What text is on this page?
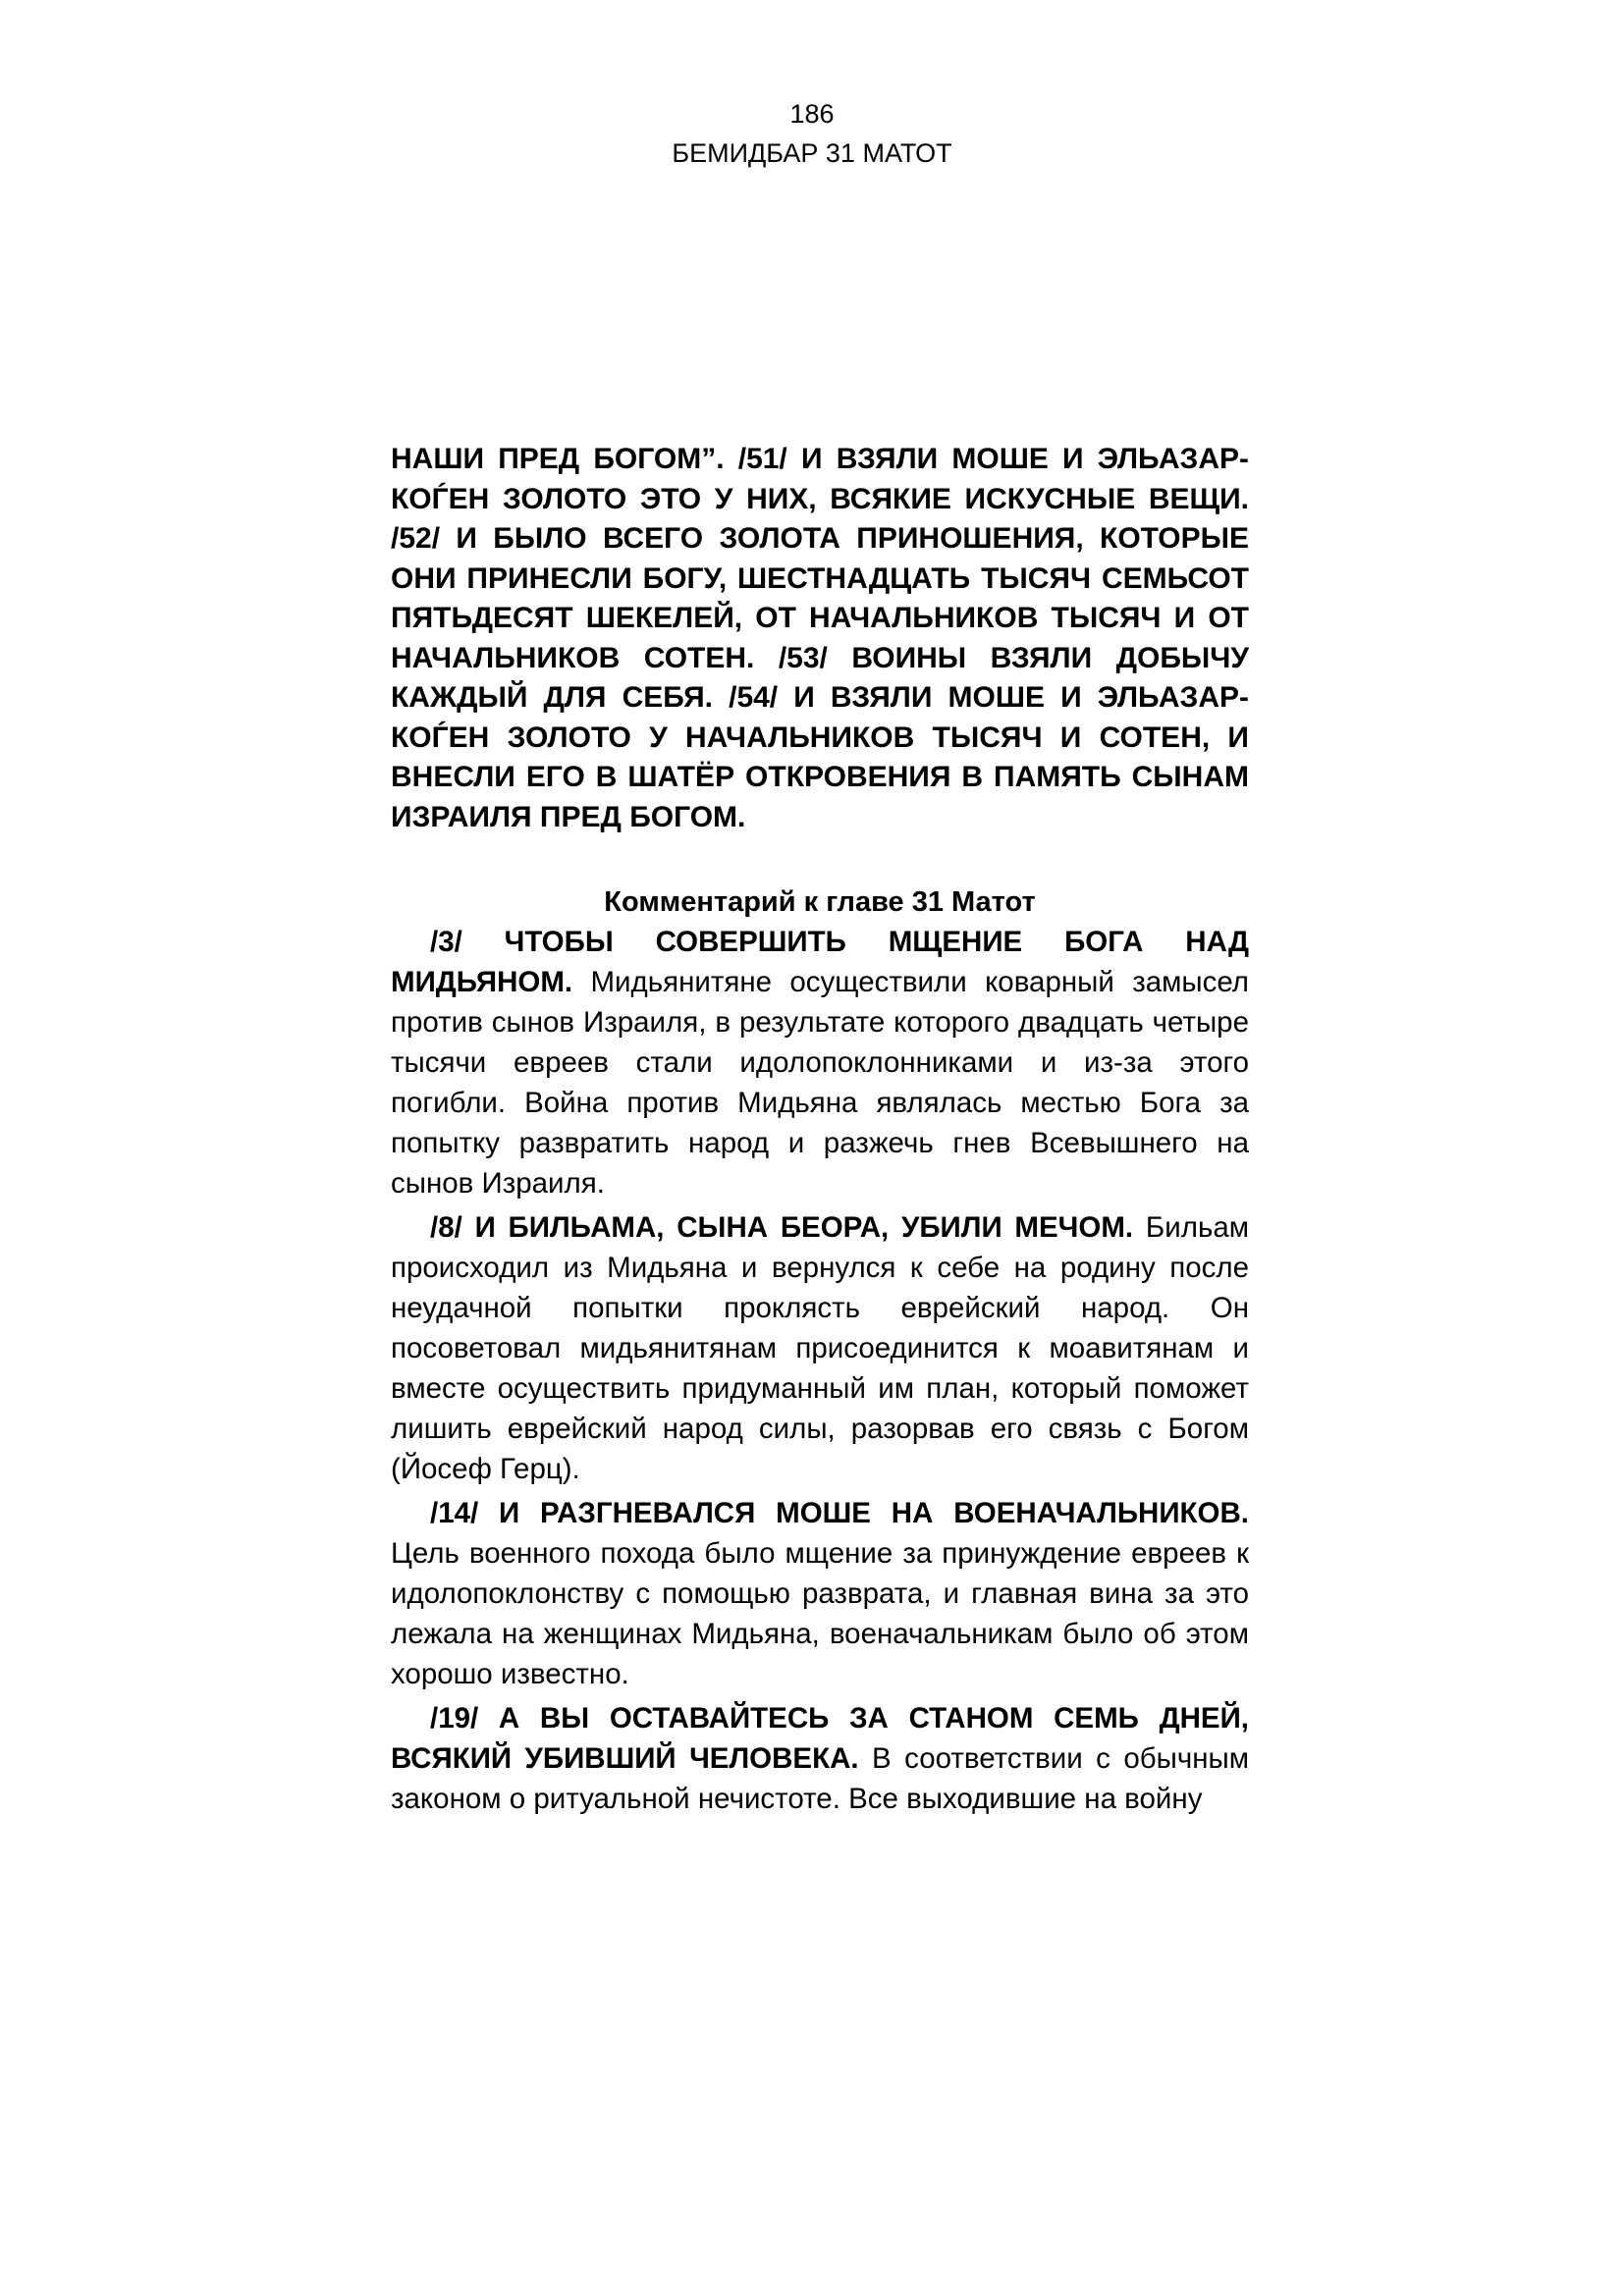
186
БЕМИДБАР 31 МАТОТ

НАШИ ПРЕД БОГОМ”. /51/ И ВЗЯЛИ МОШЕ И ЭЛЬАЗАР-КОЃЕН ЗОЛОТО ЭТО У НИХ, ВСЯКИЕ ИСКУСНЫЕ ВЕЩИ. /52/ И БЫЛО ВСЕГО ЗОЛОТА ПРИНОШЕНИЯ, КОТОРЫЕ ОНИ ПРИНЕСЛИ БОГУ, ШЕСТНАДЦАТЬ ТЫСЯЧ СЕМЬСОТ ПЯТЬДЕСЯТ ШЕКЕЛЕЙ, ОТ НАЧАЛЬНИКОВ ТЫСЯЧ И ОТ НАЧАЛЬНИКОВ СОТЕН. /53/ ВОИНЫ ВЗЯЛИ ДОБЫЧУ КАЖДЫЙ ДЛЯ СЕБЯ. /54/ И ВЗЯЛИ МОШЕ И ЭЛЬАЗАР-КОЃЕН ЗОЛОТО У НАЧАЛЬНИКОВ ТЫСЯЧ И СОТЕН, И ВНЕСЛИ ЕГО В ШАТЁР ОТКРОВЕНИЯ В ПАМЯТЬ СЫНАМ ИЗРАИЛЯ ПРЕД БОГОМ.

Комментарий к главе 31 Матот

/3/ ЧТОБЫ СОВЕРШИТЬ МЩЕНИЕ БОГА НАД МИДЬЯНОМ. Мидьянитяне осуществили коварный замысел против сынов Израиля, в результате которого двадцать четыре тысячи евреев стали идолопоклонниками и из-за этого погибли. Война против Мидьяна являлась местью Бога за попытку развратить народ и разжечь гнев Всевышнего на сынов Израиля.

/8/ И БИЛЬАМА, СЫНА БЕОРА, УБИЛИ МЕЧОМ. Бильам происходил из Мидьяна и вернулся к себе на родину после неудачной попытки проклясть еврейский народ. Он посоветовал мидьянитянам присоединится к моавитянам и вместе осуществить придуманный им план, который поможет лишить еврейский народ силы, разорвав его связь с Богом (Йосеф Герц).

/14/ И РАЗГНЕВАЛСЯ МОШЕ НА ВОЕНАЧАЛЬНИКОВ. Цель военного похода было мщение за принуждение евреев к идолопоклонству с помощью разврата, и главная вина за это лежала на женщинах Мидьяна, военачальникам было об этом хорошо известно.

/19/ А ВЫ ОСТАВАЙТЕСЬ ЗА СТАНОМ СЕМЬ ДНЕЙ, ВСЯКИЙ УБИВШИЙ ЧЕЛОВЕКА. В соответствии с обычным законом о ритуальной нечистоте. Все выходившие на войну
